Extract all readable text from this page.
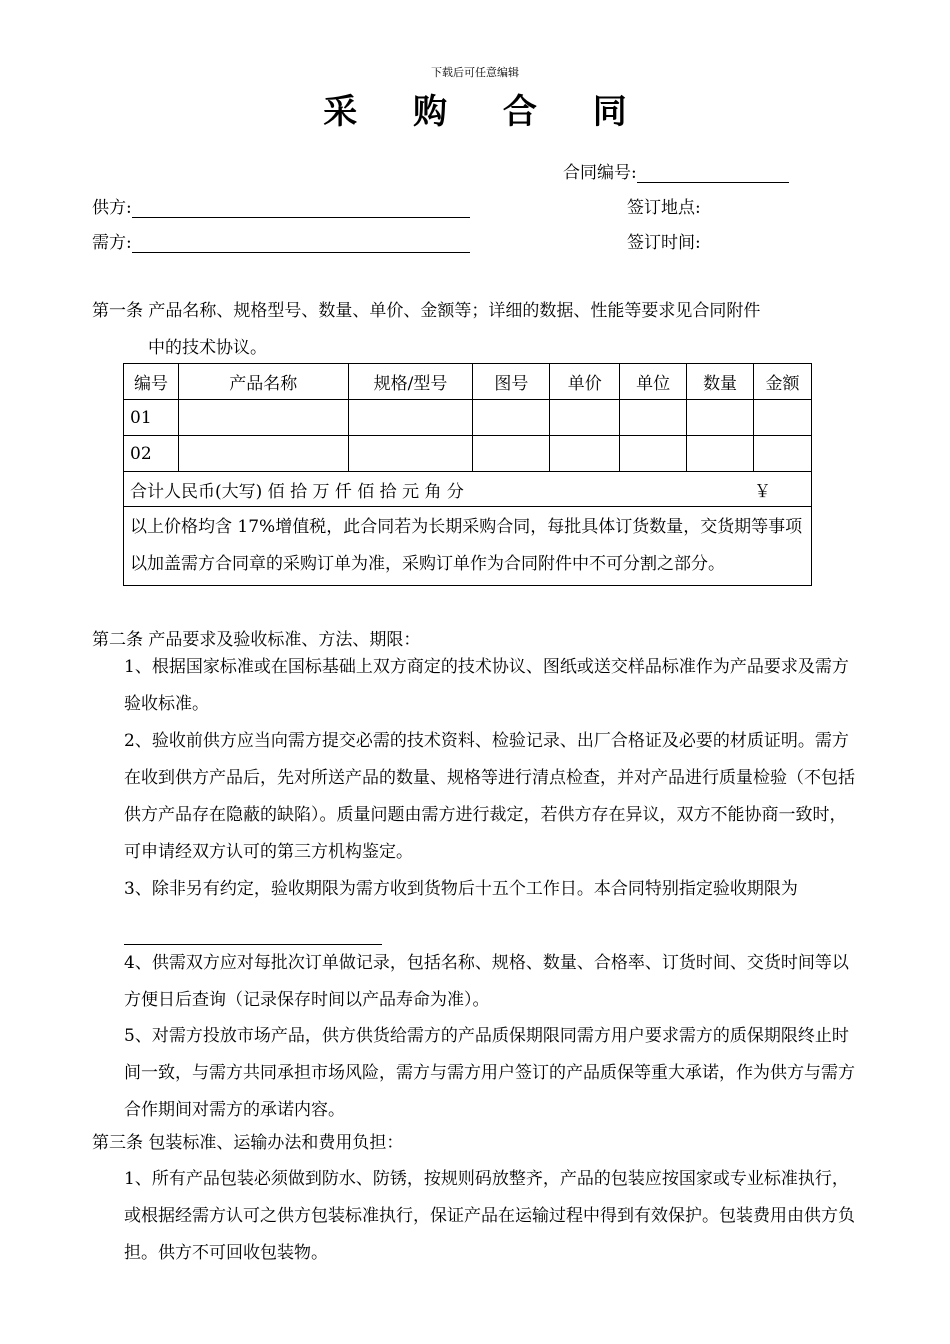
下载后可任意编辑
采 购 合 同
合同编号:
供方:	签订地点:
需方:	签订时间:
第一条 产品名称、规格型号、数量、单价、金额等；详细的数据、性能等要求见合同附件
中的技术协议。
编号	产品名称	规格/型号	图号	单价	单位	数量	金额
01							
02							
合计人民币(大写) 佰 拾 万 仟 佰 拾 元 角 分 ￥							

以上价格均含 17%增值税，此合同若为长期采购合同，每批具体订货数量，交货期等事项以加盖需方合同章的采购订单为准，采购订单作为合同附件中不可分割之部分。							
第二条 产品要求及验收标准、方法、期限：
1、根据国家标准或在国标基础上双方商定的技术协议、图纸或送交样品标准作为产品要求及需方验收标准。
2、验收前供方应当向需方提交必需的技术资料、检验记录、出厂合格证及必要的材质证明。需方在收到供方产品后，先对所送产品的数量、规格等进行清点检查，并对产品进行质量检验（不包括供方产品存在隐蔽的缺陷）。质量问题由需方进行裁定，若供方存在异议，双方不能协商一致时，可申请经双方认可的第三方机构鉴定。
3、除非另有约定，验收期限为需方收到货物后十五个工作日。本合同特别指定验收期限为
4、供需双方应对每批次订单做记录，包括名称、规格、数量、合格率、订货时间、交货时间等以方便日后查询（记录保存时间以产品寿命为准）。
5、对需方投放市场产品，供方供货给需方的产品质保期限同需方用户要求需方的质保期限终止时间一致，与需方共同承担市场风险，需方与需方用户签订的产品质保等重大承诺，作为供方与需方合作期间对需方的承诺内容。
第三条 包装标准、运输办法和费用负担：
1、所有产品包装必须做到防水、防锈，按规则码放整齐，产品的包装应按国家或专业标准执行，或根据经需方认可之供方包装标准执行，保证产品在运输过程中得到有效保护。包装费用由供方负担。供方不可回收包装物。
